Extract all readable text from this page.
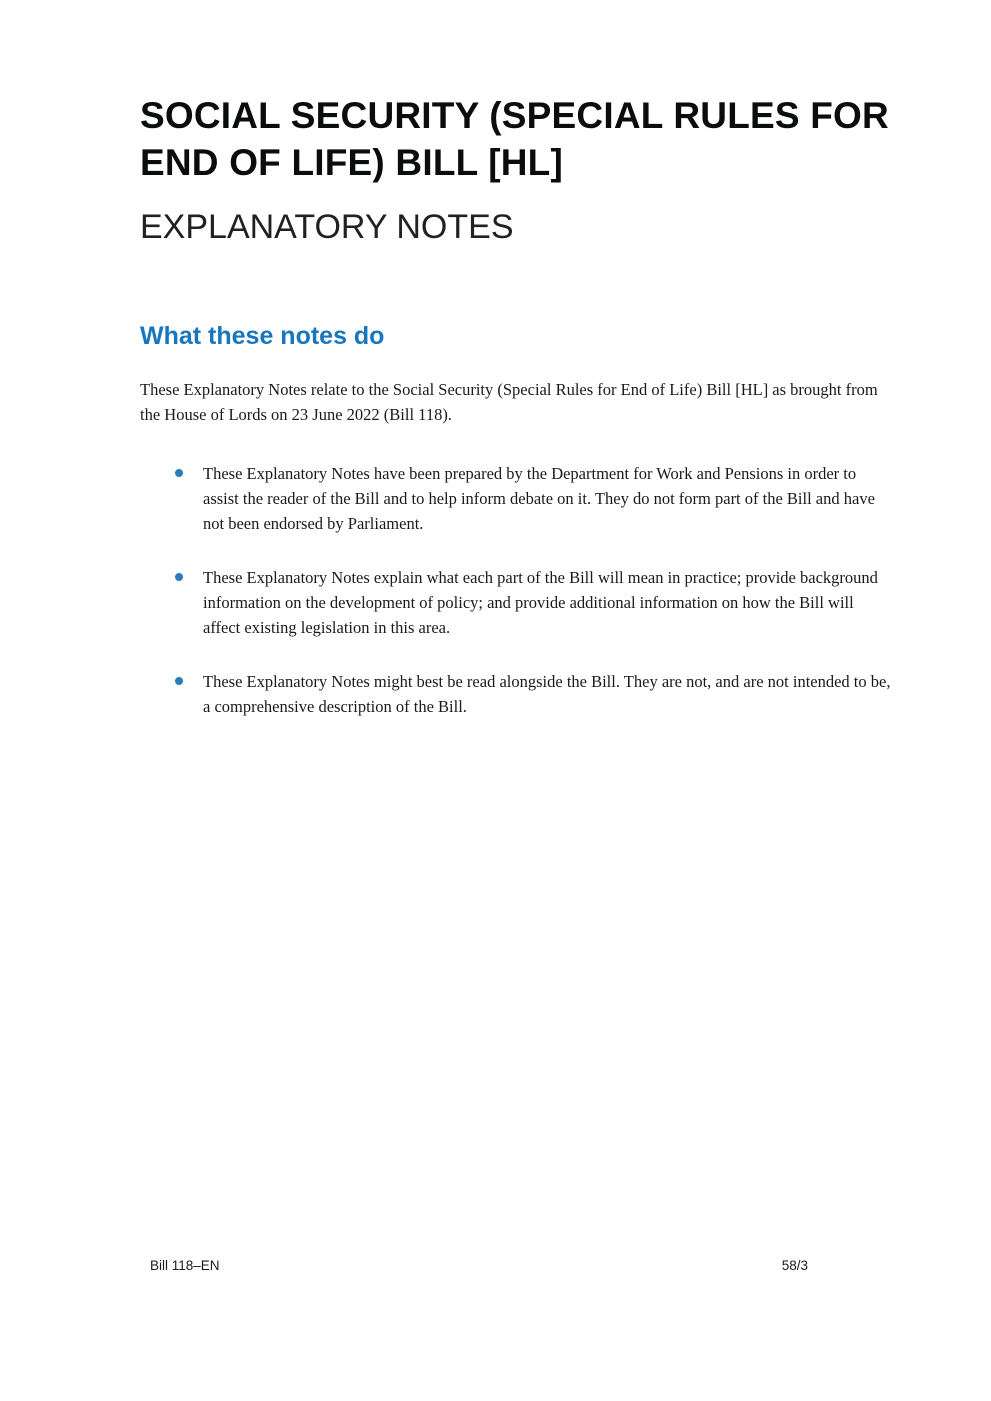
SOCIAL SECURITY (SPECIAL RULES FOR
END OF LIFE) BILL [HL]
EXPLANATORY NOTES
What these notes do

These Explanatory Notes relate to the Social Security (Special Rules for End of Life) Bill [HL] as brought from the House of Lords on 23 June 2022 (Bill 118).

These Explanatory Notes have been prepared by the Department for Work and Pensions in order to assist the reader of the Bill and to help inform debate on it. They do not form part of the Bill and have not been endorsed by Parliament.
These Explanatory Notes explain what each part of the Bill will mean in practice; provide background information on the development of policy; and provide additional information on how the Bill will affect existing legislation in this area.
These Explanatory Notes might best be read alongside the Bill. They are not, and are not intended to be, a comprehensive description of the Bill.
Bill 118–EN	58/3
